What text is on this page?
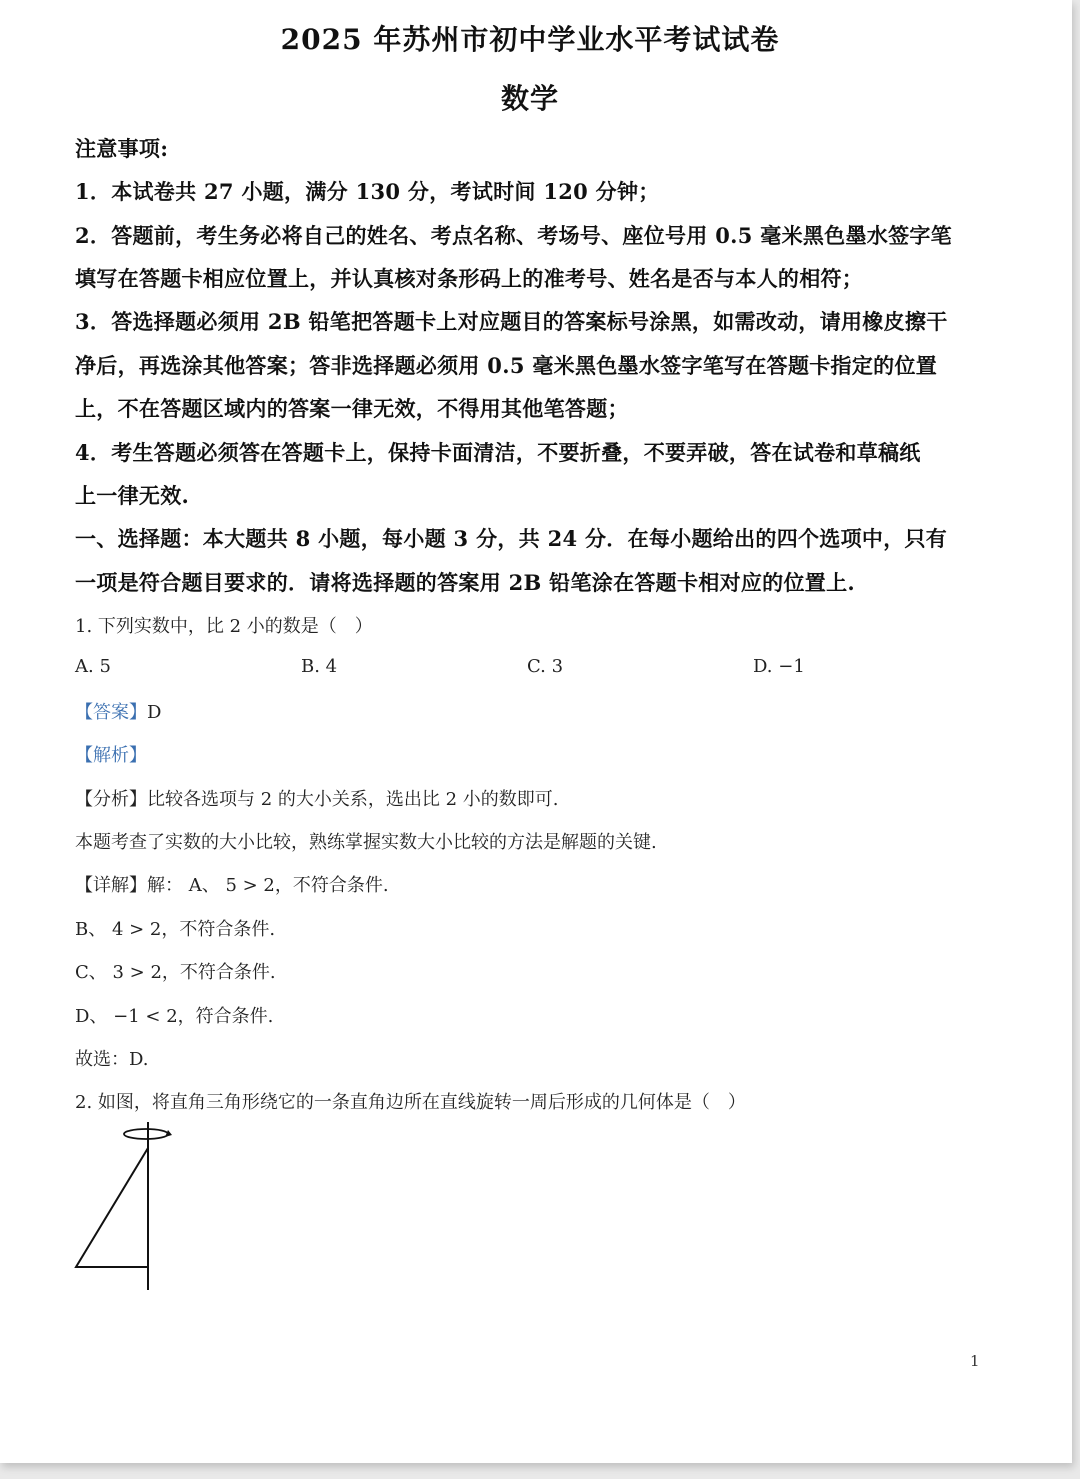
2025 年苏州市初中学业水平考试试卷
数学
注意事项:
1．本试卷共 27 小题，满分 130 分，考试时间 120 分钟；
2．答题前，考生务必将自己的姓名、考点名称、考场号、座位号用 0.5 毫米黑色墨水签字笔
填写在答题卡相应位置上，并认真核对条形码上的准考号、姓名是否与本人的相符；
3．答选择题必须用 2B 铅笔把答题卡上对应题目的答案标号涂黑，如需改动，请用橡皮擦干
净后，再选涂其他答案；答非选择题必须用 0.5 毫米黑色墨水签字笔写在答题卡指定的位置
上，不在答题区域内的答案一律无效，不得用其他笔答题；
4．考生答题必须答在答题卡上，保持卡面清洁，不要折叠，不要弄破，答在试卷和草稿纸
上一律无效.
一、选择题：本大题共 8 小题，每小题 3 分，共 24 分．在每小题给出的四个选项中，只有
一项是符合题目要求的．请将选择题的答案用 2B 铅笔涂在答题卡相对应的位置上.
1. 下列实数中，比 2 小的数是（　）
A. 5	B. 4	C. 3	D. −1
【答案】D
【解析】
【分析】比较各选项与 2 的大小关系，选出比 2 小的数即可.
本题考查了实数的大小比较，熟练掌握实数大小比较的方法是解题的关键.
【详解】解： A、 5 > 2，不符合条件.
B、 4 > 2，不符合条件.
C、 3 > 2，不符合条件.
D、 −1 < 2，符合条件.
故选：D.
2. 如图，将直角三角形绕它的一条直角边所在直线旋转一周后形成的几何体是（　）
1
